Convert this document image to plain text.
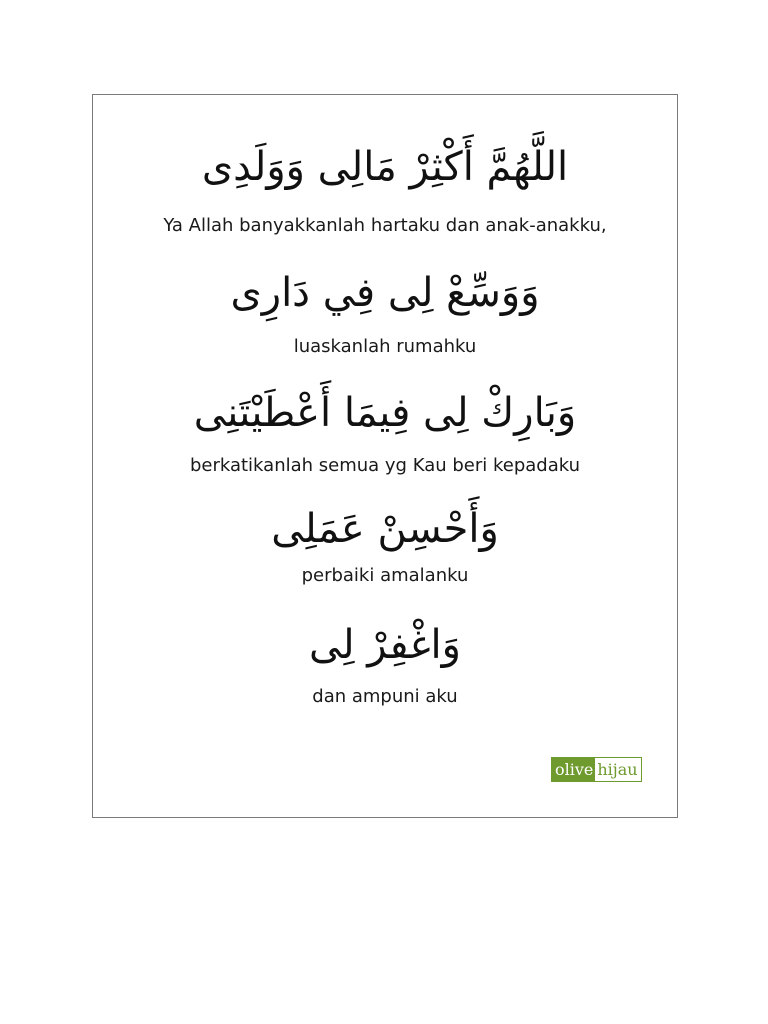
اللَّهُمَّ أَكْثِرْ مَالِى وَوَلَدِى
Ya Allah banyakkanlah hartaku dan anak-anakku,
وَوَسِّعْ لِى فِي دَارِى
luaskanlah rumahku
وَبَارِكْ لِى فِيمَا أَعْطَيْتَنِى
berkatikanlah semua yg Kau beri kepadaku
وَأَحْسِنْ عَمَلِى
perbaiki amalanku
وَاغْفِرْ لِى
dan ampuni aku
olive hijau
